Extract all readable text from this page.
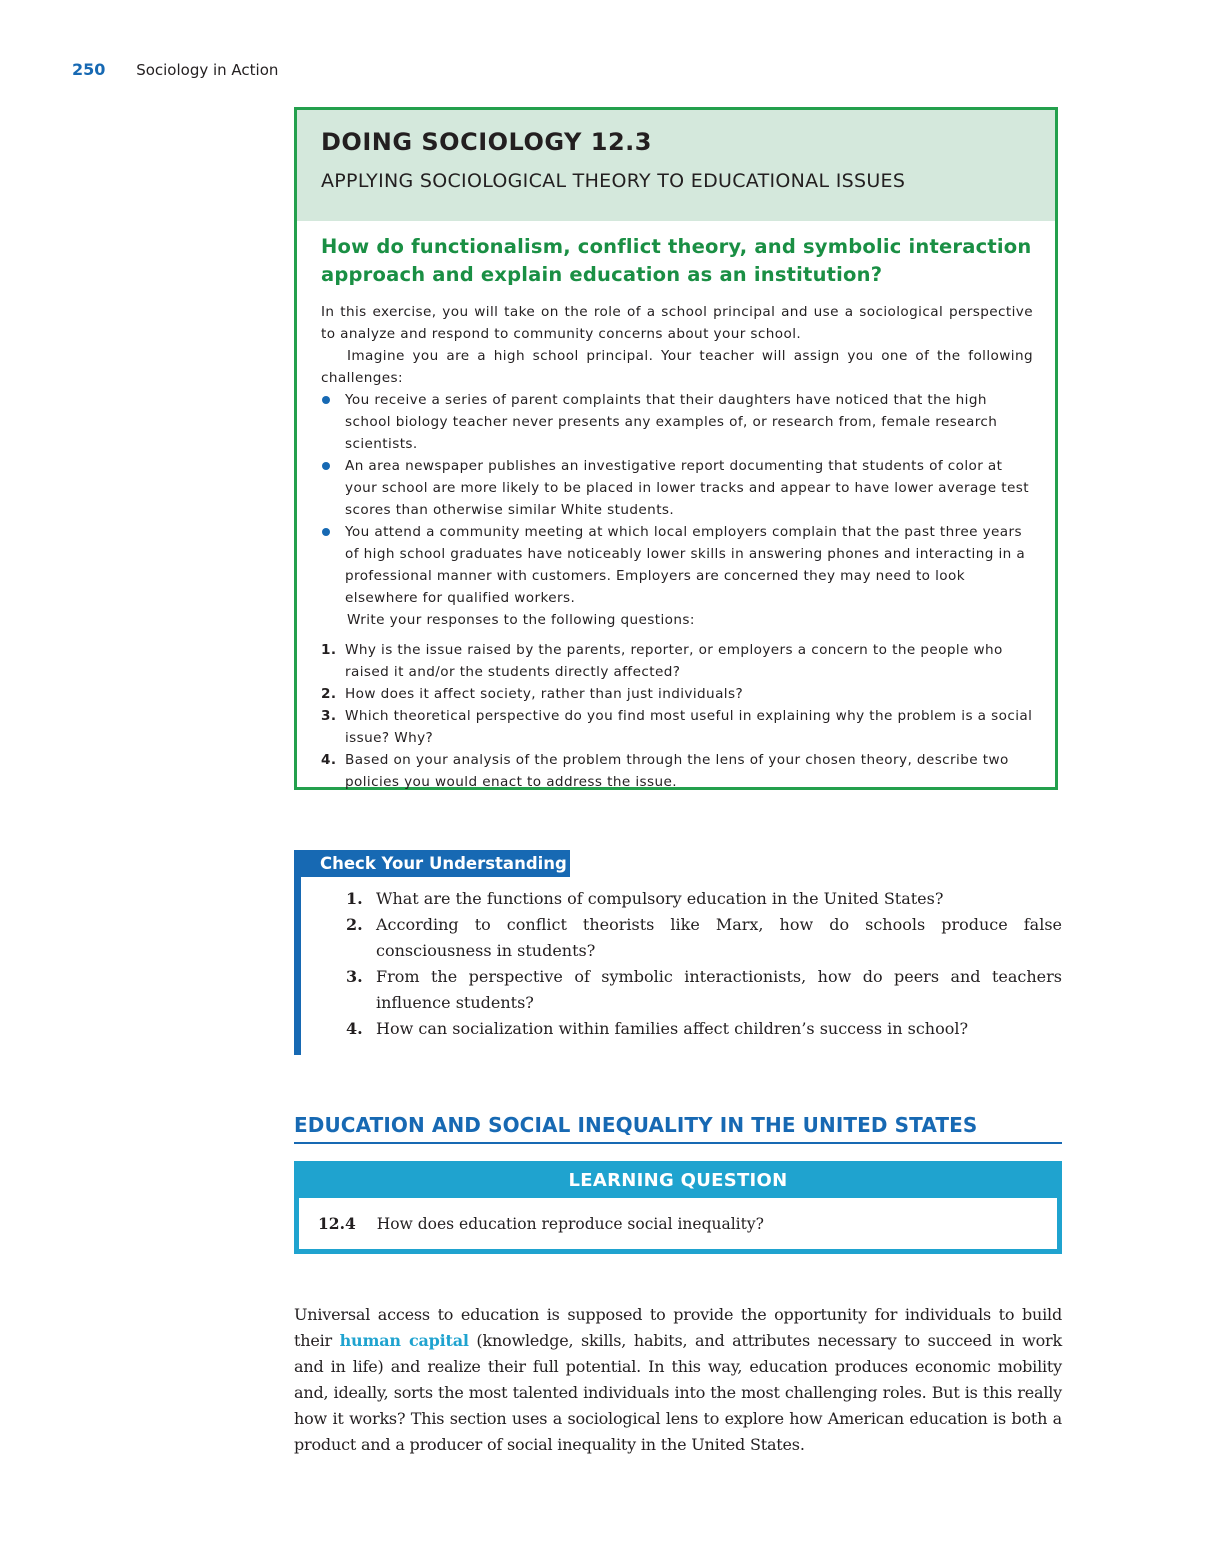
250 Sociology in Action
DOING SOCIOLOGY 12.3
APPLYING SOCIOLOGICAL THEORY TO EDUCATIONAL ISSUES
How do functionalism, conflict theory, and symbolic interaction approach and explain education as an institution?

In this exercise, you will take on the role of a school principal and use a sociological perspective to analyze and respond to community concerns about your school.

Imagine you are a high school principal. Your teacher will assign you one of the following challenges:

You receive a series of parent complaints that their daughters have noticed that the high school biology teacher never presents any examples of, or research from, female research scientists.
An area newspaper publishes an investigative report documenting that students of color at your school are more likely to be placed in lower tracks and appear to have lower average test scores than otherwise similar White students.
You attend a community meeting at which local employers complain that the past three years of high school graduates have noticeably lower skills in answering phones and interacting in a professional manner with customers. Employers are concerned they may need to look elsewhere for qualified workers.

Write your responses to the following questions:

1. Why is the issue raised by the parents, reporter, or employers a concern to the people who raised it and/or the students directly affected?
2. How does it affect society, rather than just individuals?
3. Which theoretical perspective do you find most useful in explaining why the problem is a social issue? Why?
4. Based on your analysis of the problem through the lens of your chosen theory, describe two policies you would enact to address the issue.
Check Your Understanding
1. What are the functions of compulsory education in the United States?
2. According to conflict theorists like Marx, how do schools produce false consciousness in students?
3. From the perspective of symbolic interactionists, how do peers and teachers influence students?
4. How can socialization within families affect children’s success in school?
EDUCATION AND SOCIAL INEQUALITY IN THE UNITED STATES
LEARNING QUESTION
12.4 How does education reproduce social inequality?

Universal access to education is supposed to provide the opportunity for individuals to build their human capital (knowledge, skills, habits, and attributes necessary to succeed in work and in life) and realize their full potential. In this way, education produces economic mobility and, ideally, sorts the most talented individuals into the most challenging roles. But is this really how it works? This section uses a sociological lens to explore how American education is both a product and a producer of social inequality in the United States.
